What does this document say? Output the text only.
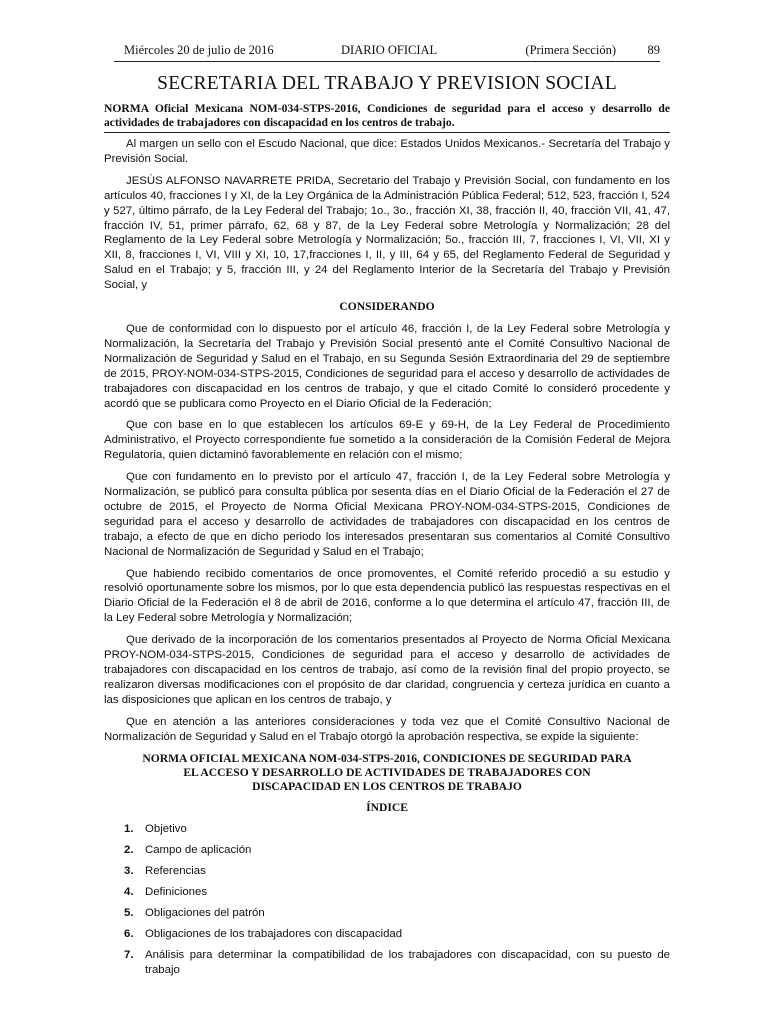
Miércoles 20 de julio de 2016	DIARIO OFICIAL	(Primera Sección)	89
SECRETARIA DEL TRABAJO Y PREVISION SOCIAL
NORMA Oficial Mexicana NOM-034-STPS-2016, Condiciones de seguridad para el acceso y desarrollo de actividades de trabajadores con discapacidad en los centros de trabajo.

Al margen un sello con el Escudo Nacional, que dice: Estados Unidos Mexicanos.- Secretaría del Trabajo y Previsión Social.

JESÚS ALFONSO NAVARRETE PRIDA, Secretario del Trabajo y Previsión Social, con fundamento en los artículos 40, fracciones I y XI, de la Ley Orgánica de la Administración Pública Federal; 512, 523, fracción I, 524 y 527, último párrafo, de la Ley Federal del Trabajo; 1o., 3o., fracción XI, 38, fracción II, 40, fracción VII, 41, 47, fracción IV, 51, primer párrafo, 62, 68 y 87, de la Ley Federal sobre Metrología y Normalización; 28 del Reglamento de la Ley Federal sobre Metrología y Normalización; 5o., fracción III, 7, fracciones I, VI, VII, XI y XII, 8, fracciones I, VI, VIII y XI, 10, 17,fracciones I, II, y III, 64 y 65, del Reglamento Federal de Seguridad y Salud en el Trabajo; y 5, fracción III, y 24 del Reglamento Interior de la Secretaría del Trabajo y Previsión Social, y

CONSIDERANDO

Que de conformidad con lo dispuesto por el artículo 46, fracción I, de la Ley Federal sobre Metrología y Normalización, la Secretaría del Trabajo y Previsión Social presentó ante el Comité Consultivo Nacional de Normalización de Seguridad y Salud en el Trabajo, en su Segunda Sesión Extraordinaria del 29 de septiembre de 2015, PROY-NOM-034-STPS-2015, Condiciones de seguridad para el acceso y desarrollo de actividades de trabajadores con discapacidad en los centros de trabajo, y que el citado Comité lo consideró procedente y acordó que se publicara como Proyecto en el Diario Oficial de la Federación;

Que con base en lo que establecen los artículos 69-E y 69-H, de la Ley Federal de Procedimiento Administrativo, el Proyecto correspondiente fue sometido a la consideración de la Comisión Federal de Mejora Regulatoria, quien dictaminó favorablemente en relación con el mismo;

Que con fundamento en lo previsto por el artículo 47, fracción I, de la Ley Federal sobre Metrología y Normalización, se publicó para consulta pública por sesenta días en el Diario Oficial de la Federación el 27 de octubre de 2015, el Proyecto de Norma Oficial Mexicana PROY-NOM-034-STPS-2015, Condiciones de seguridad para el acceso y desarrollo de actividades de trabajadores con discapacidad en los centros de trabajo, a efecto de que en dicho periodo los interesados presentaran sus comentarios al Comité Consultivo Nacional de Normalización de Seguridad y Salud en el Trabajo;

Que habiendo recibido comentarios de once promoventes, el Comité referido procedió a su estudio y resolvió oportunamente sobre los mismos, por lo que esta dependencia publicó las respuestas respectivas en el Diario Oficial de la Federación el 8 de abril de 2016, conforme a lo que determina el artículo 47, fracción III, de la Ley Federal sobre Metrología y Normalización;

Que derivado de la incorporación de los comentarios presentados al Proyecto de Norma Oficial Mexicana PROY-NOM-034-STPS-2015, Condiciones de seguridad para el acceso y desarrollo de actividades de trabajadores con discapacidad en los centros de trabajo, así como de la revisión final del propio proyecto, se realizaron diversas modificaciones con el propósito de dar claridad, congruencia y certeza jurídica en cuanto a las disposiciones que aplican en los centros de trabajo, y

Que en atención a las anteriores consideraciones y toda vez que el Comité Consultivo Nacional de Normalización de Seguridad y Salud en el Trabajo otorgó la aprobación respectiva, se expide la siguiente:

NORMA OFICIAL MEXICANA NOM-034-STPS-2016, CONDICIONES DE SEGURIDAD PARA
EL ACCESO Y DESARROLLO DE ACTIVIDADES DE TRABAJADORES CON
DISCAPACIDAD EN LOS CENTROS DE TRABAJO

ÍNDICE

1. Objetivo
2. Campo de aplicación
3. Referencias
4. Definiciones
5. Obligaciones del patrón
6. Obligaciones de los trabajadores con discapacidad
7. Análisis para determinar la compatibilidad de los trabajadores con discapacidad, con su puesto de trabajo
